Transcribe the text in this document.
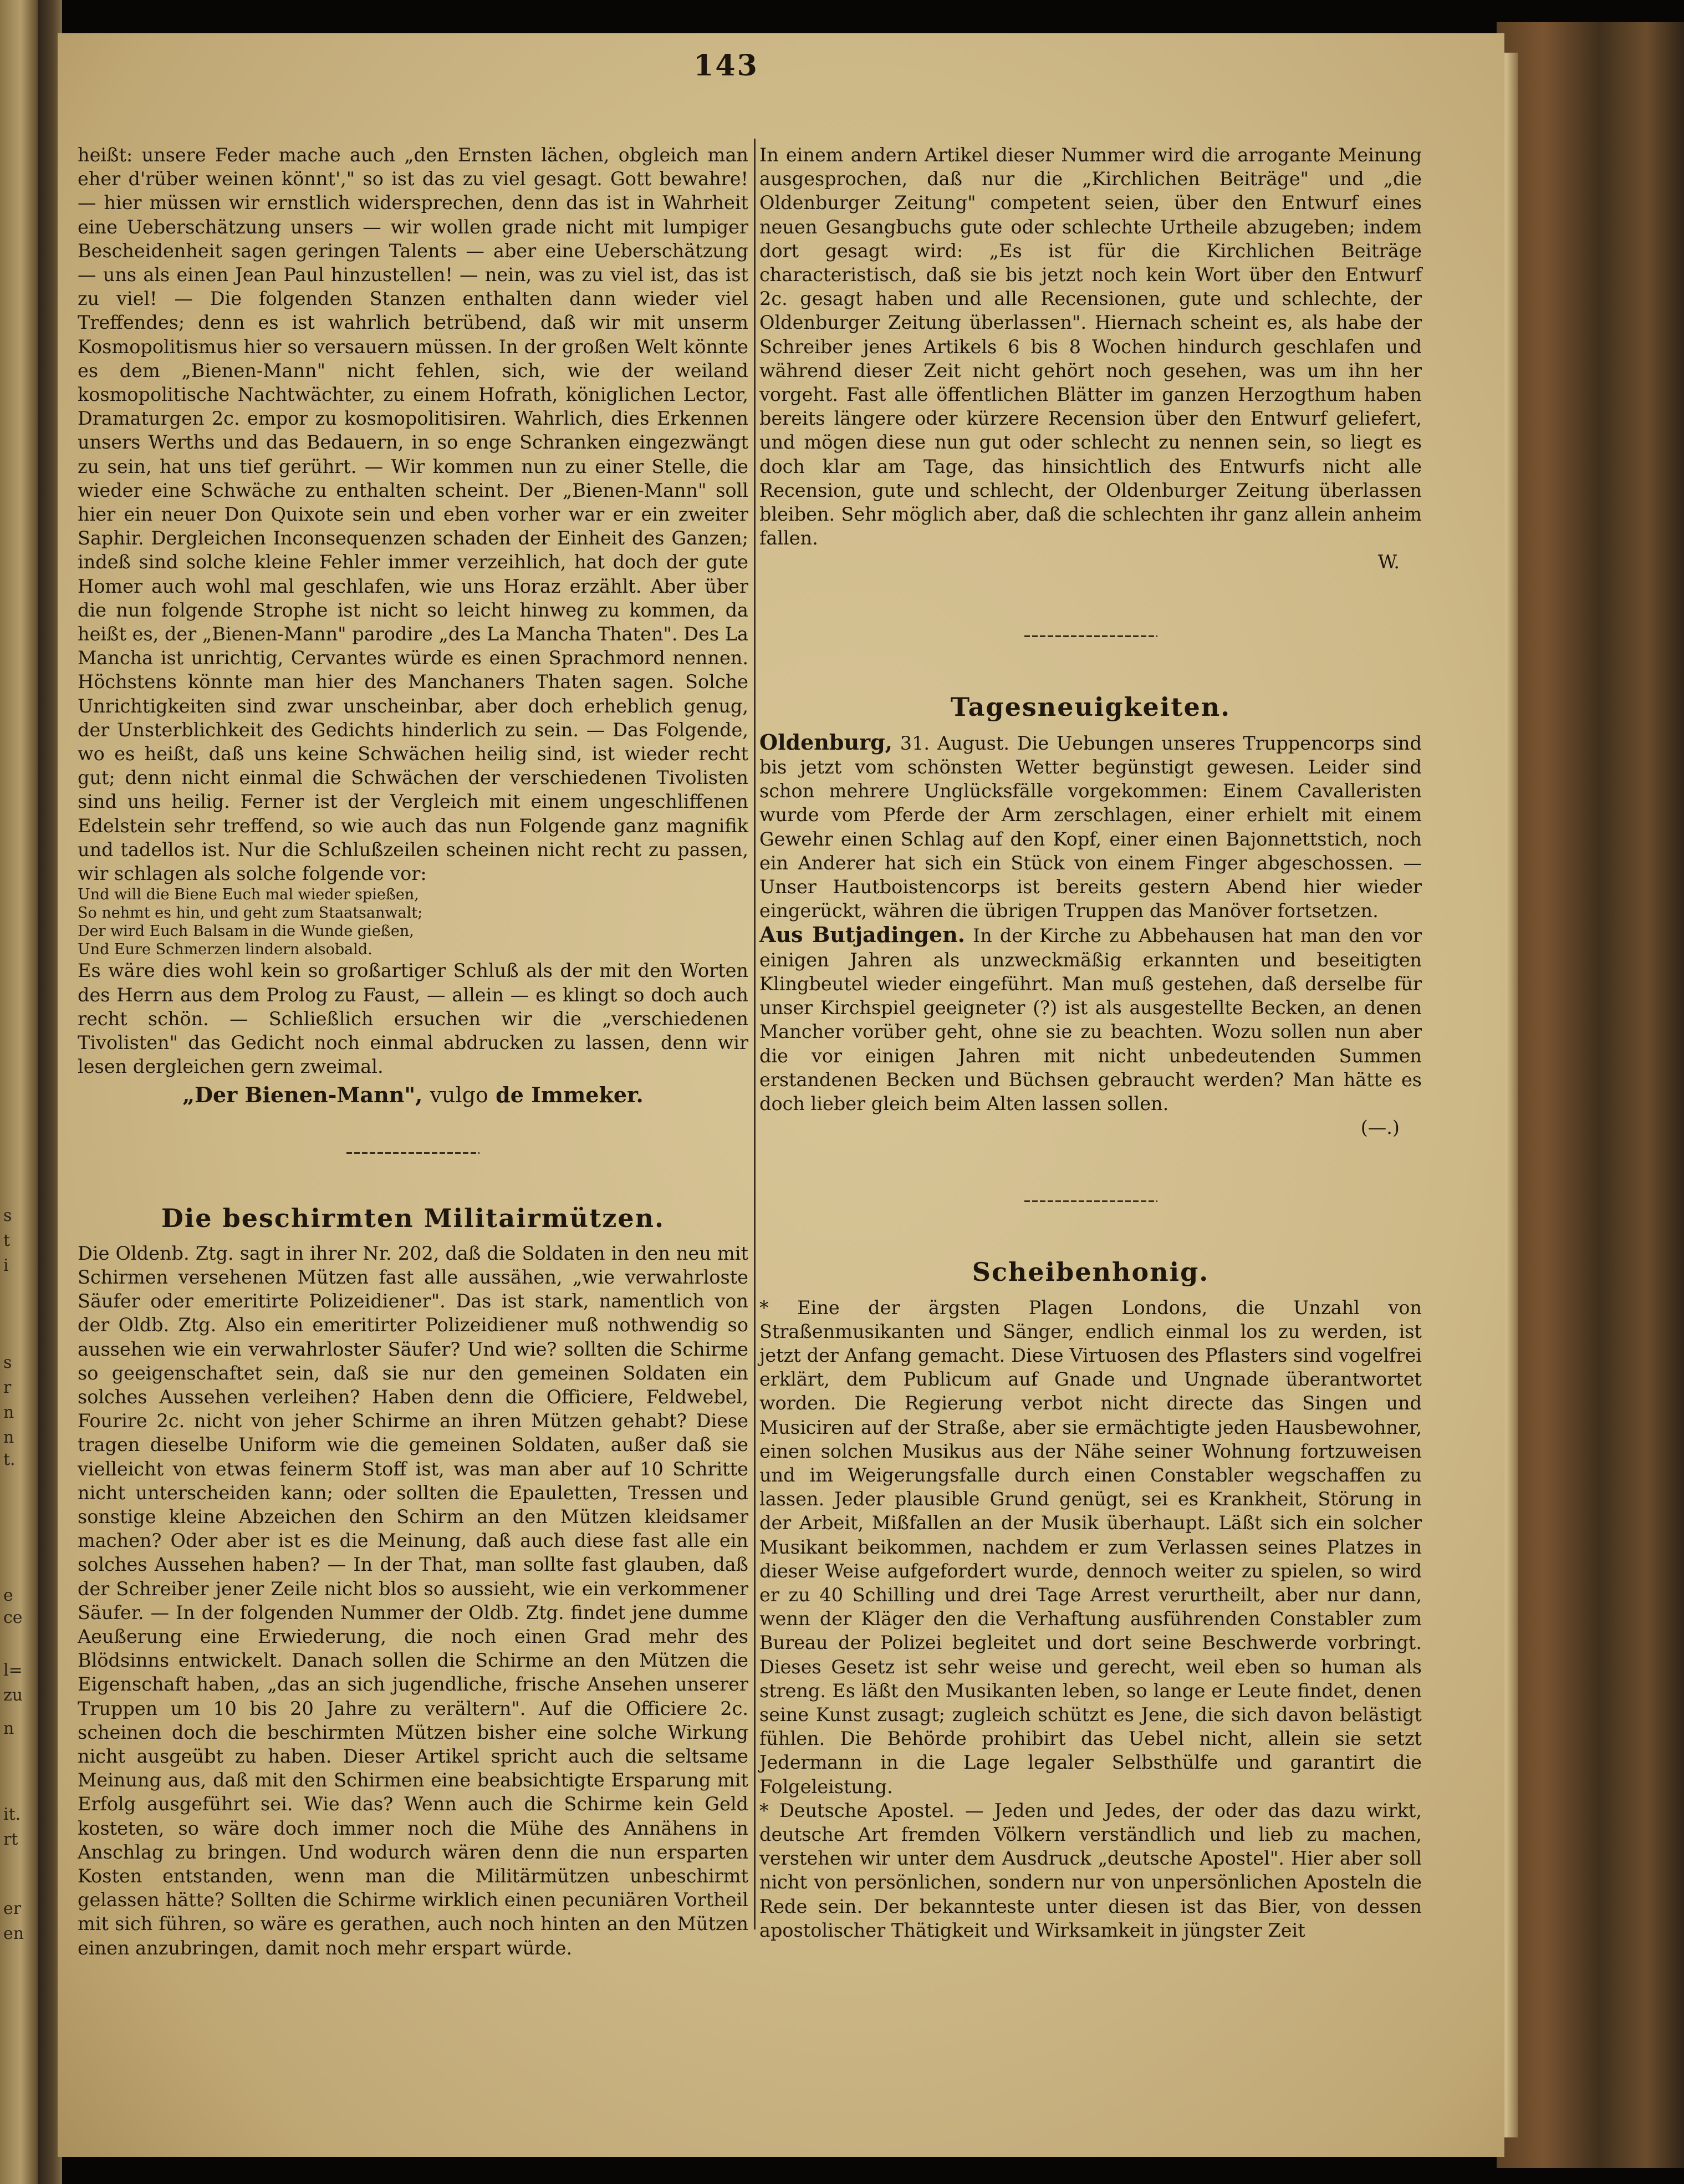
s
t
i
s
r
n
n
t.
e
ce
l=
zu
n
it.
rt
er
en
143

heißt: unsere Feder mache auch „den Ernsten lächen, obgleich man eher d'rüber weinen könnt'," so ist das zu viel gesagt. Gott bewahre! — hier müssen wir ernstlich widersprechen, denn das ist in Wahrheit eine Ueberschätzung unsers — wir wollen grade nicht mit lumpiger Bescheidenheit sagen geringen Talents — aber eine Ueberschätzung — uns als einen Jean Paul hinzustellen! — nein, was zu viel ist, das ist zu viel! — Die folgenden Stanzen enthalten dann wieder viel Treffendes; denn es ist wahrlich betrübend, daß wir mit unserm Kosmopolitismus hier so versauern müssen. In der großen Welt könnte es dem „Bienen-Mann" nicht fehlen, sich, wie der weiland kosmopolitische Nachtwächter, zu einem Hofrath, königlichen Lector, Dramaturgen 2c. empor zu kosmopolitisiren. Wahrlich, dies Erkennen unsers Werths und das Bedauern, in so enge Schranken eingezwängt zu sein, hat uns tief gerührt. — Wir kommen nun zu einer Stelle, die wieder eine Schwäche zu enthalten scheint. Der „Bienen-Mann" soll hier ein neuer Don Quixote sein und eben vorher war er ein zweiter Saphir. Dergleichen Inconsequenzen schaden der Einheit des Ganzen; indeß sind solche kleine Fehler immer verzeihlich, hat doch der gute Homer auch wohl mal geschlafen, wie uns Horaz erzählt. Aber über die nun folgende Strophe ist nicht so leicht hinweg zu kommen, da heißt es, der „Bienen-Mann" parodire „des La Mancha Thaten". Des La Mancha ist unrichtig, Cervantes würde es einen Sprachmord nennen. Höchstens könnte man hier des Manchaners Thaten sagen. Solche Unrichtigkeiten sind zwar unscheinbar, aber doch erheblich genug, der Unsterblichkeit des Gedichts hinderlich zu sein. — Das Folgende, wo es heißt, daß uns keine Schwächen heilig sind, ist wieder recht gut; denn nicht einmal die Schwächen der verschiedenen Tivolisten sind uns heilig. Ferner ist der Vergleich mit einem ungeschliffenen Edelstein sehr treffend, so wie auch das nun Folgende ganz magnifik und tadellos ist. Nur die Schlußzeilen scheinen nicht recht zu passen, wir schlagen als solche folgende vor:

Und will die Biene Euch mal wieder spießen,
So nehmt es hin, und geht zum Staatsanwalt;
Der wird Euch Balsam in die Wunde gießen,
Und Eure Schmerzen lindern alsobald.

Es wäre dies wohl kein so großartiger Schluß als der mit den Worten des Herrn aus dem Prolog zu Faust, — allein — es klingt so doch auch recht schön. — Schließlich ersuchen wir die „verschiedenen Tivolisten" das Gedicht noch einmal abdrucken zu lassen, denn wir lesen dergleichen gern zweimal.

„Der Bienen-Mann", vulgo de Immeker.
Die beschirmten Militairmützen.

Die Oldenb. Ztg. sagt in ihrer Nr. 202, daß die Soldaten in den neu mit Schirmen versehenen Mützen fast alle aussähen, „wie verwahrloste Säufer oder emeritirte Polizeidiener". Das ist stark, namentlich von der Oldb. Ztg. Also ein emeritirter Polizeidiener muß nothwendig so aussehen wie ein verwahrloster Säufer? Und wie? sollten die Schirme so geeigenschaftet sein, daß sie nur den gemeinen Soldaten ein solches Aussehen verleihen? Haben denn die Officiere, Feldwebel, Fourire 2c. nicht von jeher Schirme an ihren Mützen gehabt? Diese tragen dieselbe Uniform wie die gemeinen Soldaten, außer daß sie vielleicht von etwas feinerm Stoff ist, was man aber auf 10 Schritte nicht unterscheiden kann; oder sollten die Epauletten, Tressen und sonstige kleine Abzeichen den Schirm an den Mützen kleidsamer machen? Oder aber ist es die Meinung, daß auch diese fast alle ein solches Aussehen haben? — In der That, man sollte fast glauben, daß der Schreiber jener Zeile nicht blos so aussieht, wie ein verkommener Säufer. — In der folgenden Nummer der Oldb. Ztg. findet jene dumme Aeußerung eine Erwiederung, die noch einen Grad mehr des Blödsinns entwickelt. Danach sollen die Schirme an den Mützen die Eigenschaft haben, „das an sich jugendliche, frische Ansehen unserer Truppen um 10 bis 20 Jahre zu verältern". Auf die Officiere 2c. scheinen doch die beschirmten Mützen bisher eine solche Wirkung nicht ausgeübt zu haben. Dieser Artikel spricht auch die seltsame Meinung aus, daß mit den Schirmen eine beabsichtigte Ersparung mit Erfolg ausgeführt sei. Wie das? Wenn auch die Schirme kein Geld kosteten, so wäre doch immer noch die Mühe des Annähens in Anschlag zu bringen. Und wodurch wären denn die nun ersparten Kosten entstanden, wenn man die Militärmützen unbeschirmt gelassen hätte? Sollten die Schirme wirklich einen pecuniären Vortheil mit sich führen, so wäre es gerathen, auch noch hinten an den Mützen einen anzubringen, damit noch mehr erspart würde.

In einem andern Artikel dieser Nummer wird die arrogante Meinung ausgesprochen, daß nur die „Kirchlichen Beiträge" und „die Oldenburger Zeitung" competent seien, über den Entwurf eines neuen Gesangbuchs gute oder schlechte Urtheile abzugeben; indem dort gesagt wird: „Es ist für die Kirchlichen Beiträge characteristisch, daß sie bis jetzt noch kein Wort über den Entwurf 2c. gesagt haben und alle Recensionen, gute und schlechte, der Oldenburger Zeitung überlassen". Hiernach scheint es, als habe der Schreiber jenes Artikels 6 bis 8 Wochen hindurch geschlafen und während dieser Zeit nicht gehört noch gesehen, was um ihn her vorgeht. Fast alle öffentlichen Blätter im ganzen Herzogthum haben bereits längere oder kürzere Recension über den Entwurf geliefert, und mögen diese nun gut oder schlecht zu nennen sein, so liegt es doch klar am Tage, das hinsichtlich des Entwurfs nicht alle Recension, gute und schlecht, der Oldenburger Zeitung überlassen bleiben. Sehr möglich aber, daß die schlechten ihr ganz allein anheim fallen.

W.

Tagesneuigkeiten.

Oldenburg, 31. August. Die Uebungen unseres Truppencorps sind bis jetzt vom schönsten Wetter begünstigt gewesen. Leider sind schon mehrere Unglücksfälle vorgekommen: Einem Cavalleristen wurde vom Pferde der Arm zerschlagen, einer erhielt mit einem Gewehr einen Schlag auf den Kopf, einer einen Bajonnettstich, noch ein Anderer hat sich ein Stück von einem Finger abgeschossen. — Unser Hautboistencorps ist bereits gestern Abend hier wieder eingerückt, währen die übrigen Truppen das Manöver fortsetzen.

Aus Butjadingen. In der Kirche zu Abbehausen hat man den vor einigen Jahren als unzweckmäßig erkannten und beseitigten Klingbeutel wieder eingeführt. Man muß gestehen, daß derselbe für unser Kirchspiel geeigneter (?) ist als ausgestellte Becken, an denen Mancher vorüber geht, ohne sie zu beachten. Wozu sollen nun aber die vor einigen Jahren mit nicht unbedeutenden Summen erstandenen Becken und Büchsen gebraucht werden? Man hätte es doch lieber gleich beim Alten lassen sollen.

(—.)

Scheibenhonig.

* Eine der ärgsten Plagen Londons, die Unzahl von Straßenmusikanten und Sänger, endlich einmal los zu werden, ist jetzt der Anfang gemacht. Diese Virtuosen des Pflasters sind vogelfrei erklärt, dem Publicum auf Gnade und Ungnade überantwortet worden. Die Regierung verbot nicht directe das Singen und Musiciren auf der Straße, aber sie ermächtigte jeden Hausbewohner, einen solchen Musikus aus der Nähe seiner Wohnung fortzuweisen und im Weigerungsfalle durch einen Constabler wegschaffen zu lassen. Jeder plausible Grund genügt, sei es Krankheit, Störung in der Arbeit, Mißfallen an der Musik überhaupt. Läßt sich ein solcher Musikant beikommen, nachdem er zum Verlassen seines Platzes in dieser Weise aufgefordert wurde, dennoch weiter zu spielen, so wird er zu 40 Schilling und drei Tage Arrest verurtheilt, aber nur dann, wenn der Kläger den die Verhaftung ausführenden Constabler zum Bureau der Polizei begleitet und dort seine Beschwerde vorbringt. Dieses Gesetz ist sehr weise und gerecht, weil eben so human als streng. Es läßt den Musikanten leben, so lange er Leute findet, denen seine Kunst zusagt; zugleich schützt es Jene, die sich davon belästigt fühlen. Die Behörde prohibirt das Uebel nicht, allein sie setzt Jedermann in die Lage legaler Selbsthülfe und garantirt die Folgeleistung.

* Deutsche Apostel. — Jeden und Jedes, der oder das dazu wirkt, deutsche Art fremden Völkern verständlich und lieb zu machen, verstehen wir unter dem Ausdruck „deutsche Apostel". Hier aber soll nicht von persönlichen, sondern nur von unpersönlichen Aposteln die Rede sein. Der bekannteste unter diesen ist das Bier, von dessen apostolischer Thätigkeit und Wirksamkeit in jüngster Zeit
